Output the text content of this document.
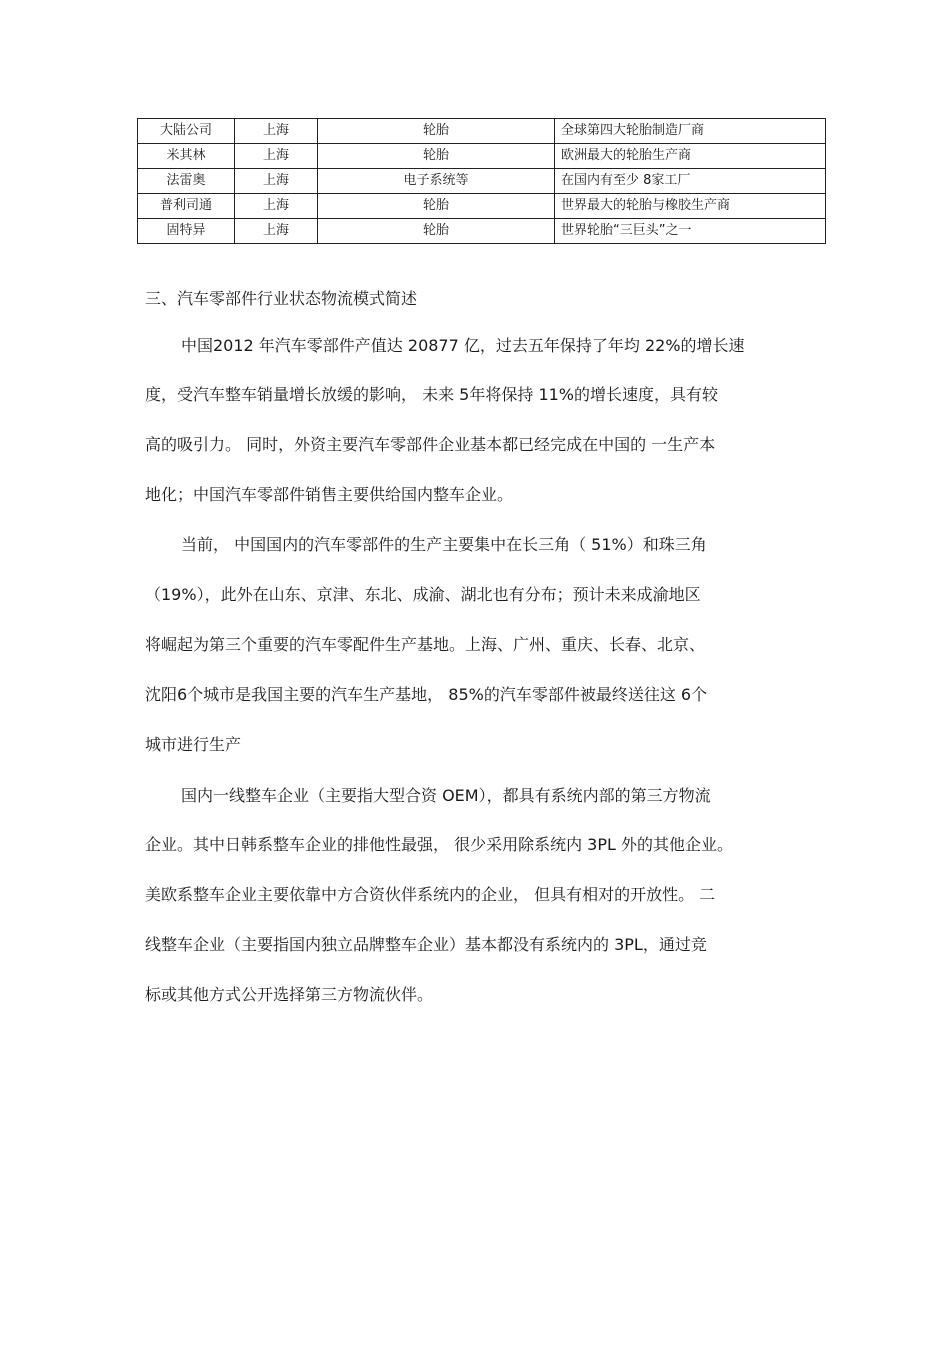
大陆公司	上海	轮胎	全球第四大轮胎制造厂商
米其林	上海	轮胎	欧洲最大的轮胎生产商
法雷奥	上海	电子系统等	在国内有至少 8家工厂
普利司通	上海	轮胎	世界最大的轮胎与橡胶生产商
固特异	上海	轮胎	世界轮胎“三巨头”之一
三、汽车零部件行业状态物流模式简述
中国2012 年汽车零部件产值达 20877 亿，过去五年保持了年均 22%的增长速
度，受汽车整车销量增长放缓的影响， 未来 5年将保持 11%的增长速度，具有较
高的吸引力。 同时，外资主要汽车零部件企业基本都已经完成在中国的 一生产本
地化；中国汽车零部件销售主要供给国内整车企业。
当前， 中国国内的汽车零部件的生产主要集中在长三角（ 51%）和珠三角
（19%），此外在山东、京津、东北、成渝、湖北也有分布；预计未来成渝地区
将崛起为第三个重要的汽车零配件生产基地。上海、广州、重庆、长春、北京、
沈阳6个城市是我国主要的汽车生产基地， 85%的汽车零部件被最终送往这 6个
城市进行生产
国内一线整车企业（主要指大型合资 OEM），都具有系统内部的第三方物流
企业。其中日韩系整车企业的排他性最强， 很少采用除系统内 3PL 外的其他企业。
美欧系整车企业主要依靠中方合资伙伴系统内的企业， 但具有相对的开放性。 二
线整车企业（主要指国内独立品牌整车企业）基本都没有系统内的 3PL，通过竞
标或其他方式公开选择第三方物流伙伴。
